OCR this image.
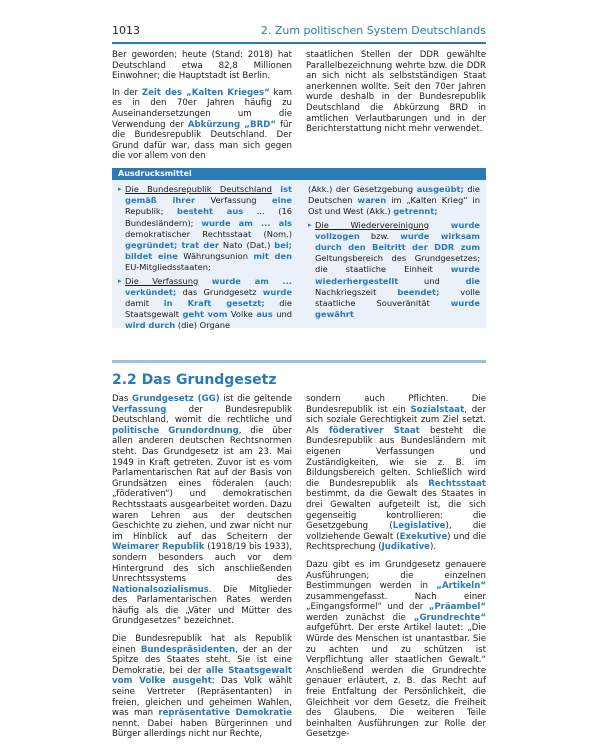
1013	2. Zum politischen System Deutschlands

Ber geworden; heute (Stand: 2018) hat Deutschland etwa 82,8 Millionen Einwohner; die Hauptstadt ist Berlin.

In der Zeit des „Kalten Krieges“ kam es in den 70er Jahren häufig zu Auseinandersetzungen um die Verwendung der Abkürzung „BRD“ für die Bundesrepublik Deutschland. Der Grund dafür war, dass man sich gegen die vor allem von den

staatlichen Stellen der DDR gewählte Parallelbezeichnung wehrte bzw. die DDR an sich nicht als selbstständigen Staat anerkennen wollte. Seit den 70er Jahren wurde deshalb in der Bundesrepublik Deutschland die Abkürzung BRD in amtlichen Verlautbarungen und in der Berichterstattung nicht mehr verwendet.

Ausdrucksmittel

▸ Die Bundesrepublik Deutschland ist gemäß ihrer Verfassung eine Republik; besteht aus ... (16 Bundesländern); wurde am ... als demokratischer Rechtsstaat (Nom.) gegründet; trat der Nato (Dat.) bei; bildet eine Währungsunion mit den EU-Mitgliedsstaaten;

▸ Die Verfassung wurde am ... verkündet; das Grundgesetz wurde damit in Kraft gesetzt; die Staatsgewalt geht vom Volke aus und wird durch (die) Organe

(Akk.) der Gesetzgebung ausgeübt; die Deutschen waren im „Kalten Krieg“ in Ost und West (Akk.) getrennt;

▸ Die Wiedervereinigung	wurde vollzogen bzw. wurde wirksam durch den Beitritt der DDR zum Geltungsbereich des Grundgesetzes; die staatliche Einheit wurde wiederhergestellt und die Nachkriegszeit beendet; volle staatliche Souveränität wurde gewährt

2.2 Das Grundgesetz

Das Grundgesetz (GG) ist die geltende Verfassung der Bundesrepublik Deutschland, womit die rechtliche und politische Grundordnung, die über allen anderen deutschen Rechtsnormen steht. Das Grundgesetz ist am 23. Mai 1949 in Kraft getreten. Zuvor ist es vom Parlamentarischen Rat auf der Basis von Grundsätzen eines föderalen (auch: „föderativen“) und demokratischen Rechtsstaats ausgearbeitet worden. Dazu waren Lehren aus der deutschen Geschichte zu ziehen, und zwar nicht nur im Hinblick auf das Scheitern der Weimarer Republik (1918/19 bis 1933), sondern besonders auch vor dem Hintergrund des sich anschließenden Unrechtssystems des Nationalsozialismus. Die Mitglieder des Parlamentarischen Rates werden häufig als die „Väter und Mütter des Grundgesetzes“ bezeichnet.

Die Bundesrepublik hat als Republik einen Bundespräsidenten, der an der Spitze des Staates steht. Sie ist eine Demokratie, bei der alle Staatsgewalt vom Volke ausgeht: Das Volk wählt seine Vertreter (Repräsentanten) in freien, gleichen und geheimen Wahlen, was man repräsentative Demokratie nennt. Dabei haben Bürgerinnen und Bürger allerdings nicht nur Rechte,

sondern auch Pflichten. Die Bundesrepublik ist ein Sozialstaat, der sich soziale Gerechtigkeit zum Ziel setzt. Als föderativer Staat besteht die Bundesrepublik aus Bundesländern mit eigenen Verfassungen und Zuständigkeiten, wie sie z. B. im Bildungsbereich gelten. Schließlich wird die Bundesrepublik als Rechtsstaat bestimmt, da die Gewalt des Staates in drei Gewalten aufgeteilt ist, die sich gegenseitig kontrollieren: die Gesetzgebung (Legislative), die vollziehende Gewalt (Exekutive) und die Rechtsprechung (Judikative).

Dazu gibt es im Grundgesetz genauere Ausführungen; die einzelnen Bestimmungen werden in „Artikeln“ zusammengefasst. Nach einer „Eingangsformel“ und der „Präambel“ werden zunächst die „Grundrechte“ aufgeführt. Der erste Artikel lautet: „Die Würde des Menschen ist unantastbar. Sie zu achten und zu schützen ist Verpflichtung aller staatlichen Gewalt.“ Anschließend werden die Grundrechte genauer erläutert, z. B. das Recht auf freie Entfaltung der Persönlichkeit, die Gleichheit vor dem Gesetz, die Freiheit des Glaubens. Die weiteren Teile beinhalten Ausführungen zur Rolle der Gesetzge-
